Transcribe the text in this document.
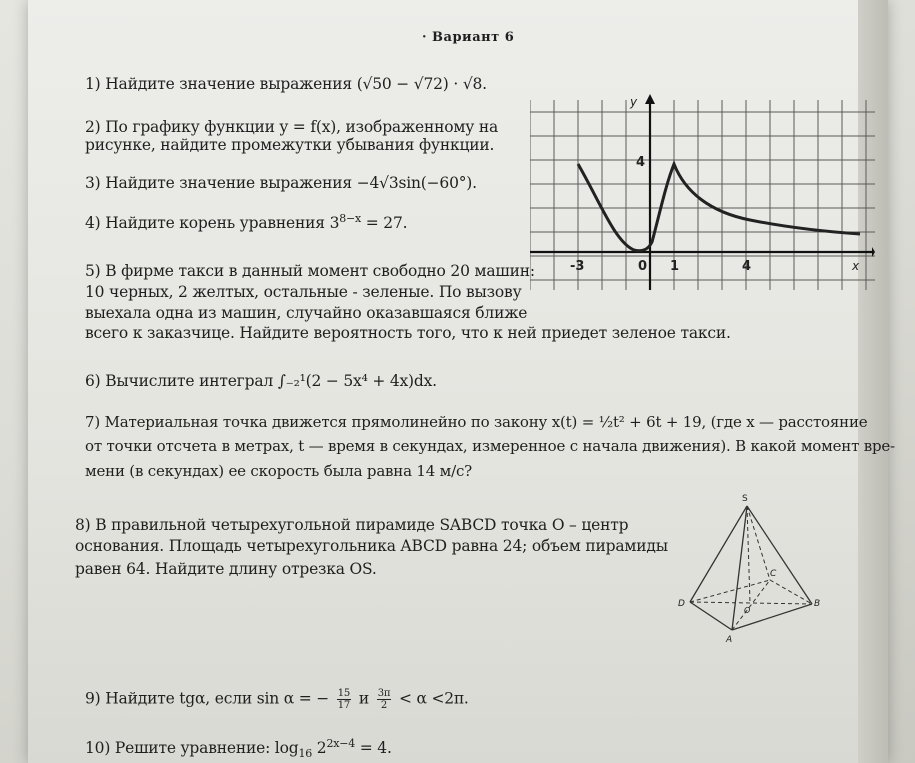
· Вариант 6
1) Найдите значение выражения (√50 − √72) · √8.
2) По графику функции y = f(x), изображенному на
рисунке, найдите промежутки убывания функции.
3) Найдите значение выражения −4√3sin(−60°).
4) Найдите корень уравнения $3^{8-x} = 27$.
5) В фирме такси в данный момент свободно 20 машин:
10 черных, 2 желтых, остальные - зеленые. По вызову
выехала одна из машин, случайно оказавшаяся ближе
всего к заказчице. Найдите вероятность того, что к ней приедет зеленое такси.
6) Вычислите интеграл ∫₋₂¹(2 − 5x⁴ + 4x)dx.
7) Материальная точка движется прямолинейно по закону x(t) = ½t² + 6t + 19, (где x — расстояние
от точки отсчета в метрах, t — время в секундах, измеренное с начала движения). В какой момент вре-
мени (в секундах) ее скорость была равна 14 м/с?
8) В правильной четырехугольной пирамиде SABCD точка O – центр
основания. Площадь четырехугольника ABCD равна 24; объем пирамиды
равен 64. Найдите длину отрезка OS.
9) Найдите tgα, если sin α = − $\frac{15}{17}$ и $\frac{3\pi}{2} < \alpha <2\pi$.
10) Решите уравнение: $\log_{16} 2^{2x-4} = 4$.
y
x
-3	0 1	4
4
S
C
D
O
B
A
